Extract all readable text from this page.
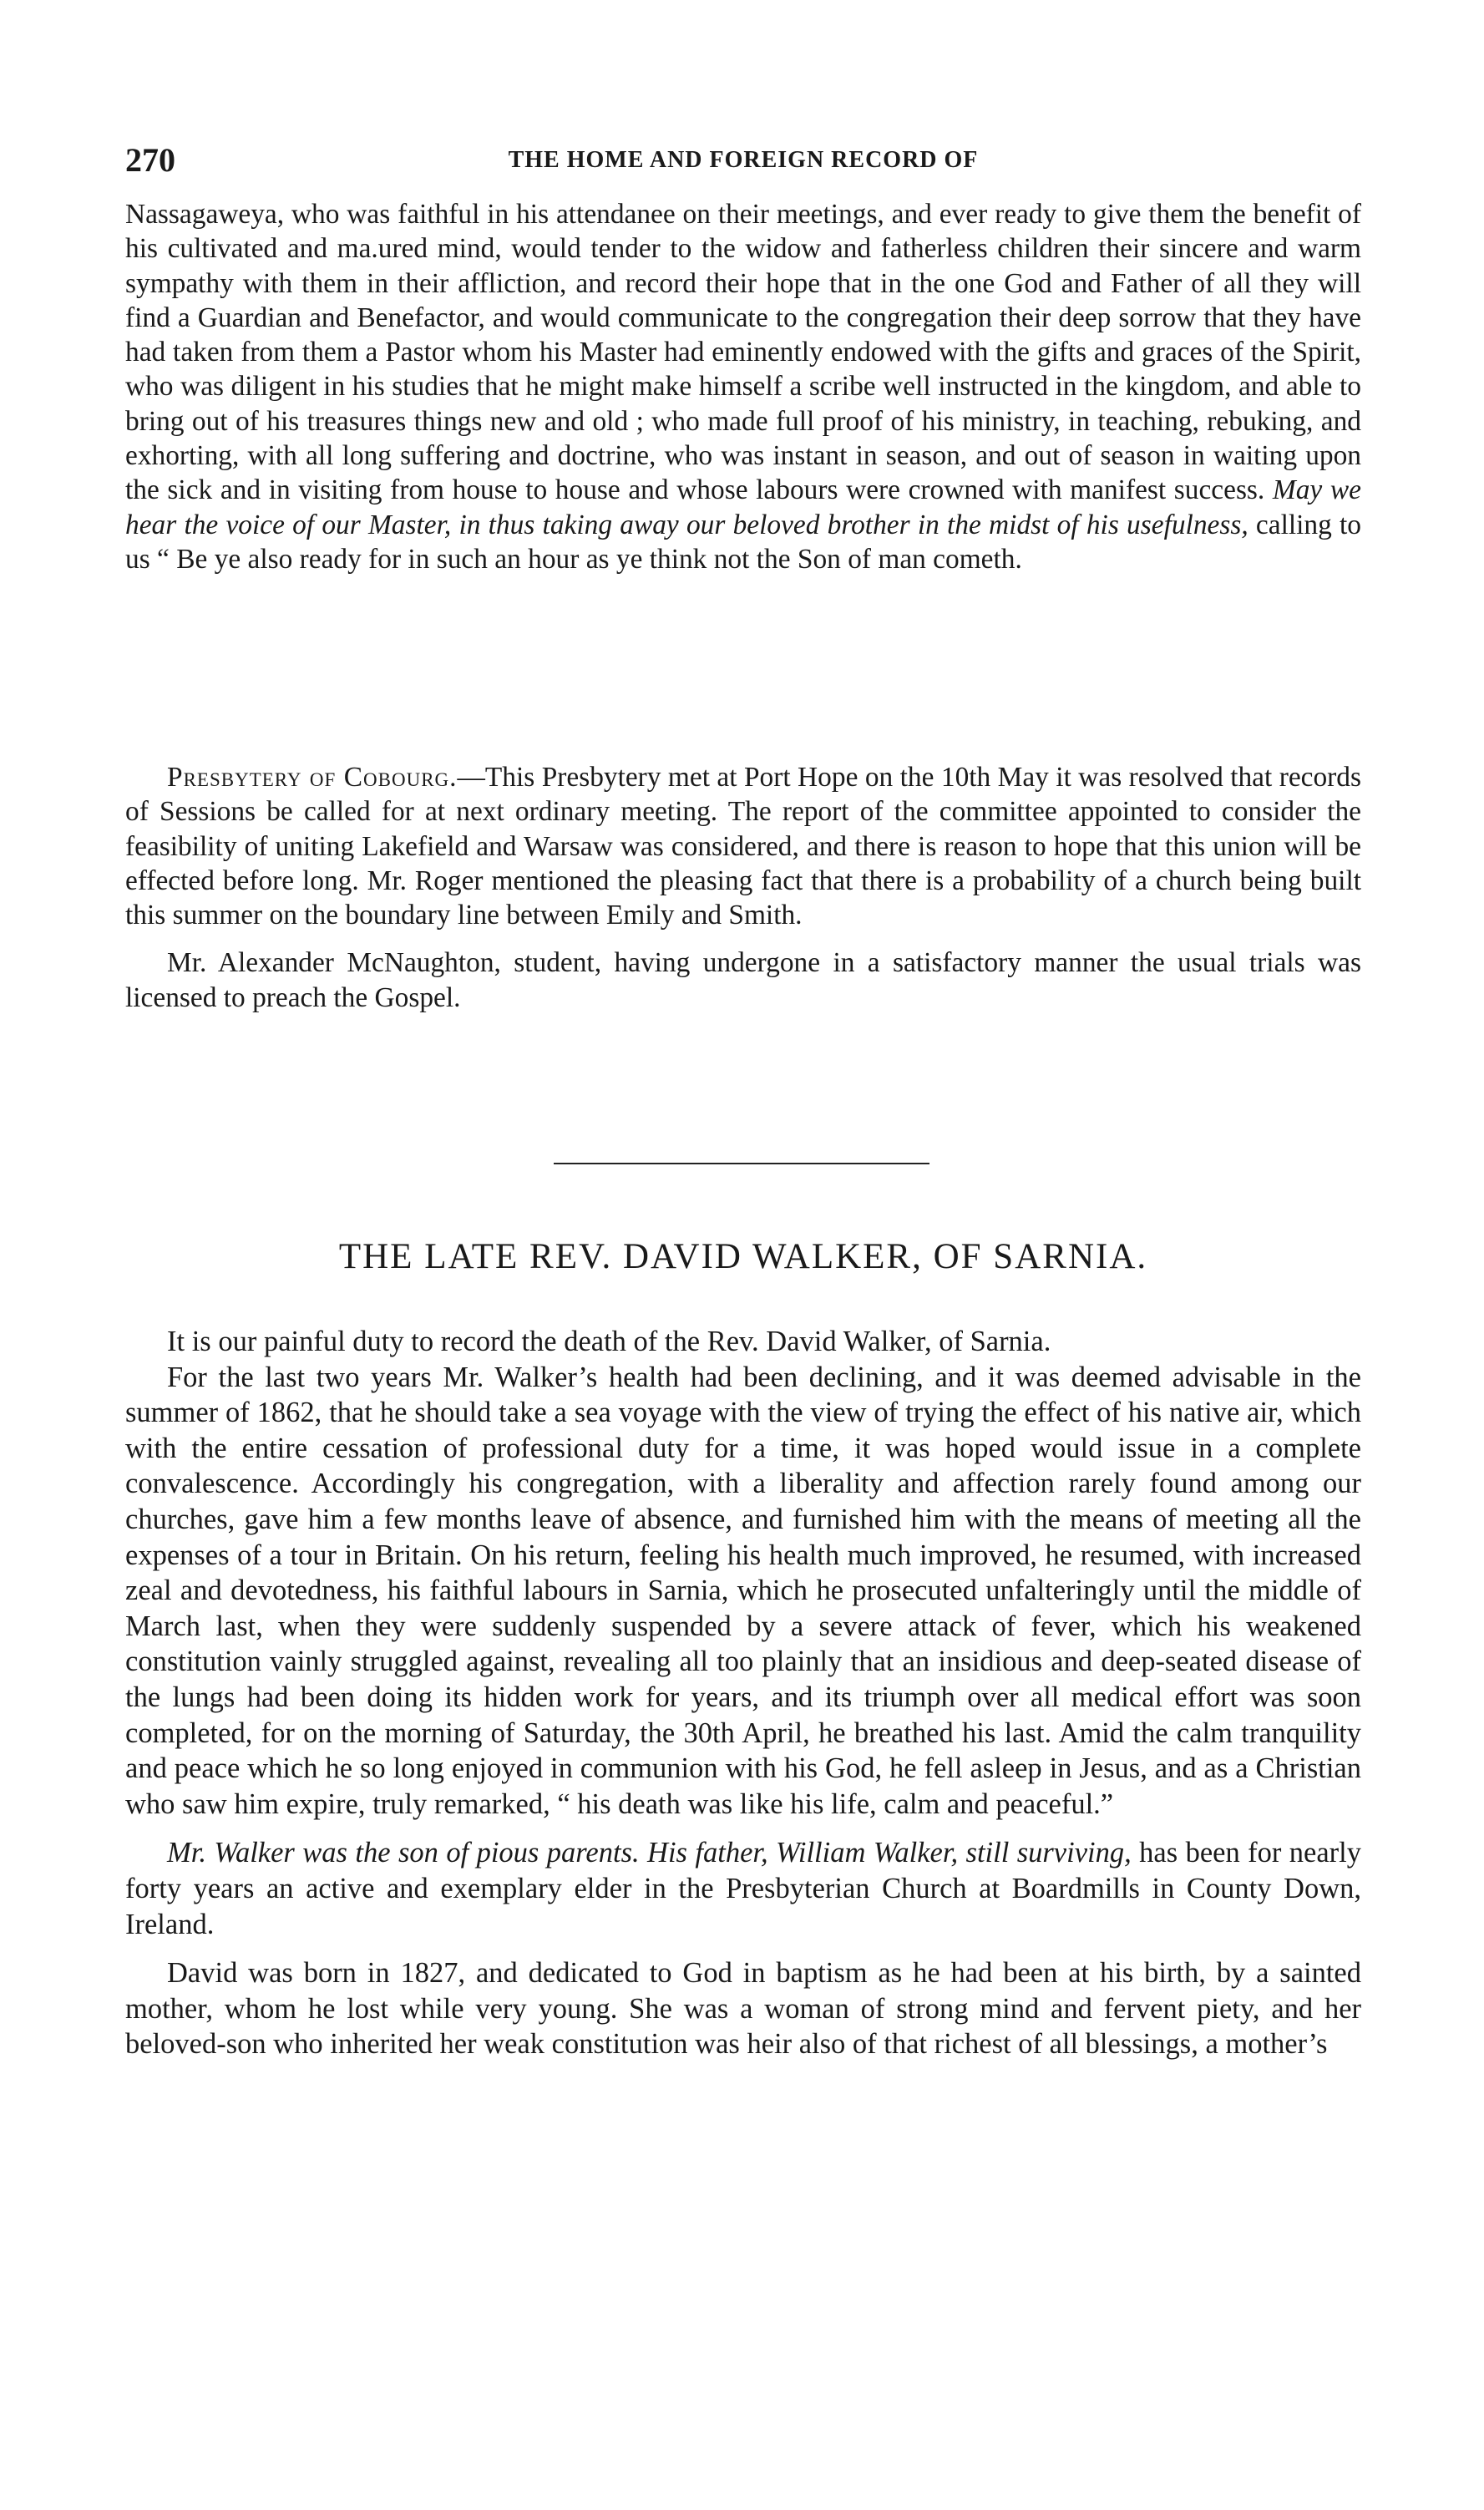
270	THE HOME AND FOREIGN RECORD OF

Nassagaweya, who was faithful in his attendanee on their meetings, and ever ready to give them the benefit of his cultivated and ma.ured mind, would tender to the widow and fatherless children their sincere and warm sympathy with them in their affliction, and record their hope that in the one God and Father of all they will find a Guardian and Benefactor, and would communicate to the congregation their deep sorrow that they have had taken from them a Pastor whom his Master had eminently endowed with the gifts and graces of the Spirit, who was diligent in his studies that he might make himself a scribe well instructed in the kingdom, and able to bring out of his treasures things new and old ; who made full proof of his ministry, in teaching, rebuking, and exhorting, with all long suffering and doctrine, who was instant in season, and out of season in waiting upon the sick and in visiting from house to house and whose labours were crowned with manifest success. May we hear the voice of our Master, in thus taking away our beloved brother in the midst of his usefulness, calling to us “ Be ye also ready for in such an hour as ye think not the Son of man cometh.

Presbytery of Cobourg.—This Presbytery met at Port Hope on the 10th May it was resolved that records of Sessions be called for at next ordinary meeting. The report of the committee appointed to consider the feasibility of uniting Lakefield and Warsaw was considered, and there is reason to hope that this union will be effected before long. Mr. Roger mentioned the pleasing fact that there is a probability of a church being built this summer on the boundary line between Emily and Smith.

Mr. Alexander McNaughton, student, having undergone in a satisfactory manner the usual trials was licensed to preach the Gospel.

THE LATE REV. DAVID WALKER, OF SARNIA.

It is our painful duty to record the death of the Rev. David Walker, of Sarnia.

For the last two years Mr. Walker’s health had been declining, and it was deemed advisable in the summer of 1862, that he should take a sea voyage with the view of trying the effect of his native air, which with the entire cessation of professional duty for a time, it was hoped would issue in a complete convalescence. Accordingly his congregation, with a liberality and affection rarely found among our churches, gave him a few months leave of absence, and furnished him with the means of meeting all the expenses of a tour in Britain. On his return, feeling his health much improved, he resumed, with increased zeal and devotedness, his faithful labours in Sarnia, which he prosecuted unfalteringly until the middle of March last, when they were suddenly suspended by a severe attack of fever, which his weakened constitution vainly struggled against, revealing all too plainly that an insidious and deep-seated disease of the lungs had been doing its hidden work for years, and its triumph over all medical effort was soon completed, for on the morning of Saturday, the 30th April, he breathed his last. Amid the calm tranquility and peace which he so long enjoyed in communion with his God, he fell asleep in Jesus, and as a Christian who saw him expire, truly remarked, “ his death was like his life, calm and peaceful.”

Mr. Walker was the son of pious parents. His father, William Walker, still surviving, has been for nearly forty years an active and exemplary elder in the Presbyterian Church at Boardmills in County Down, Ireland.

David was born in 1827, and dedicated to God in baptism as he had been at his birth, by a sainted mother, whom he lost while very young. She was a woman of strong mind and fervent piety, and her beloved-son who inherited her weak constitution was heir also of that richest of all blessings, a mother’s
